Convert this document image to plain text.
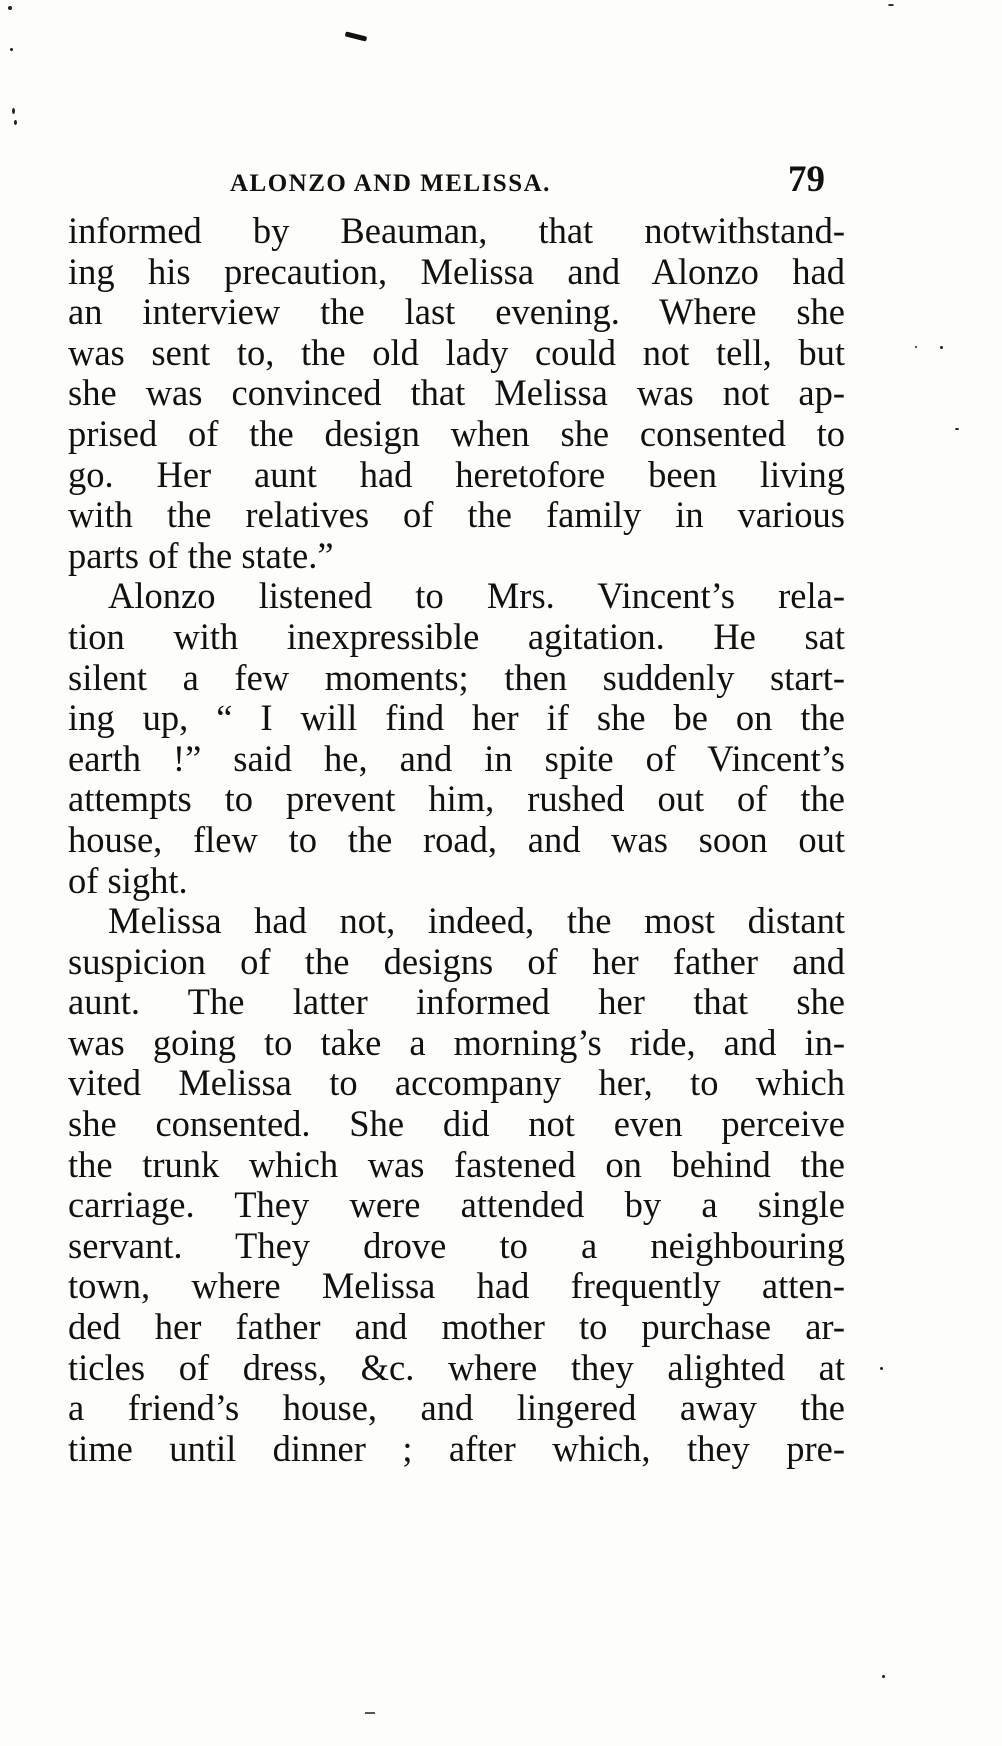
ALONZO AND MELISSA.	79
informed by Beauman, that notwithstand-
ing his precaution, Melissa and Alonzo had
an interview the last evening. Where she
was sent to, the old lady could not tell, but
she was convinced that Melissa was not ap-
prised of the design when she consented to
go. Her aunt had heretofore been living
with the relatives of the family in various
parts of the state.”
Alonzo listened to Mrs. Vincent’s rela-
tion with inexpressible agitation. He sat
silent a few moments; then suddenly start-
ing up, “ I will find her if she be on the
earth !” said he, and in spite of Vincent’s
attempts to prevent him, rushed out of the
house, flew to the road, and was soon out
of sight.
Melissa had not, indeed, the most distant
suspicion of the designs of her father and
aunt. The latter informed her that she
was going to take a morning’s ride, and in-
vited Melissa to accompany her, to which
she consented. She did not even perceive
the trunk which was fastened on behind the
carriage. They were attended by a single
servant. They drove to a neighbouring
town, where Melissa had frequently atten-
ded her father and mother to purchase ar-
ticles of dress, &c. where they alighted at
a friend’s house, and lingered away the
time until dinner ; after which, they pre-
